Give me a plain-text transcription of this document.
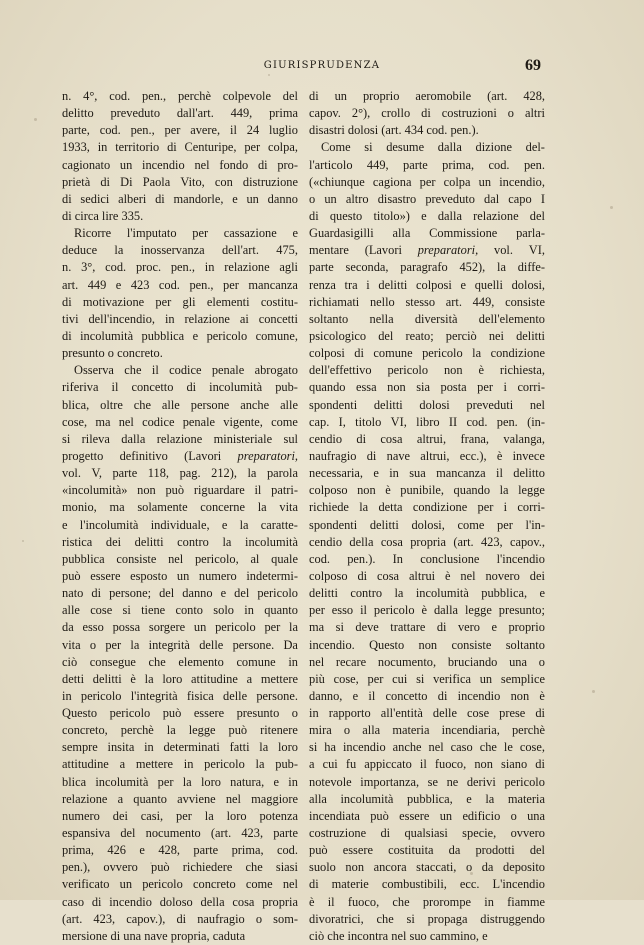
GIURISPRUDENZA	69
n. 4°, cod. pen., perchè colpevole del
delitto preveduto dall'art. 449, prima
parte, cod. pen., per avere, il 24 luglio
1933, in territorio di Centuripe, per colpa,
cagionato un incendio nel fondo di pro-
prietà di Di Paola Vito, con distruzione
di sedici alberi di mandorle, e un danno
di circa lire 335.
Ricorre l'imputato per cassazione e
deduce la inosservanza dell'art. 475,
n. 3°, cod. proc. pen., in relazione agli
art. 449 e 423 cod. pen., per mancanza
di motivazione per gli elementi costitu-
tivi dell'incendio, in relazione ai concetti
di incolumità pubblica e pericolo comune,
presunto o concreto.
Osserva che il codice penale abrogato
riferiva il concetto di incolumità pub-
blica, oltre che alle persone anche alle
cose, ma nel codice penale vigente, come
si rileva dalla relazione ministeriale sul
progetto definitivo (Lavori preparatori,
vol. V, parte 118, pag. 212), la parola
«incolumità» non può riguardare il patri-
monio, ma solamente concerne la vita
e l'incolumità individuale, e la caratte-
ristica dei delitti contro la incolumità
pubblica consiste nel pericolo, al quale
può essere esposto un numero indetermi-
nato di persone; del danno e del pericolo
alle cose si tiene conto solo in quanto
da esso possa sorgere un pericolo per la
vita o per la integrità delle persone. Da
ciò consegue che elemento comune in
detti delitti è la loro attitudine a mettere
in pericolo l'integrità fisica delle persone.
Questo pericolo può essere presunto o
concreto, perchè la legge può ritenere
sempre insita in determinati fatti la loro
attitudine a mettere in pericolo la pub-
blica incolumità per la loro natura, e in
relazione a quanto avviene nel maggiore
numero dei casi, per la loro potenza
espansiva del nocumento (art. 423, parte
prima, 426 e 428, parte prima, cod.
pen.), ovvero può richiedere che siasi
verificato un pericolo concreto come nel
caso di incendio doloso della cosa propria
(art. 423, capov.), di naufragio o som-
mersione di una nave propria, caduta
di un proprio aeromobile (art. 428,
capov. 2°), crollo di costruzioni o altri
disastri dolosi (art. 434 cod. pen.).
Come si desume dalla dizione del-
l'articolo 449, parte prima, cod. pen.
(«chiunque cagiona per colpa un incendio,
o un altro disastro preveduto dal capo I
di questo titolo») e dalla relazione del
Guardasigilli alla Commissione parla-
mentare (Lavori preparatori, vol. VI,
parte seconda, paragrafo 452), la diffe-
renza tra i delitti colposi e quelli dolosi,
richiamati nello stesso art. 449, consiste
soltanto nella diversità dell'elemento
psicologico del reato; perciò nei delitti
colposi di comune pericolo la condizione
dell'effettivo pericolo non è richiesta,
quando essa non sia posta per i corri-
spondenti delitti dolosi preveduti nel
cap. I, titolo VI, libro II cod. pen. (in-
cendio di cosa altrui, frana, valanga,
naufragio di nave altrui, ecc.), è invece
necessaria, e in sua mancanza il delitto
colposo non è punibile, quando la legge
richiede la detta condizione per i corri-
spondenti delitti dolosi, come per l'in-
cendio della cosa propria (art. 423, capov.,
cod. pen.). In conclusione l'incendio
colposo di cosa altrui è nel novero dei
delitti contro la incolumità pubblica, e
per esso il pericolo è dalla legge presunto;
ma si deve trattare di vero e proprio
incendio. Questo non consiste soltanto
nel recare nocumento, bruciando una o
più cose, per cui si verifica un semplice
danno, e il concetto di incendio non è
in rapporto all'entità delle cose prese di
mira o alla materia incendiaria, perchè
si ha incendio anche nel caso che le cose,
a cui fu appiccato il fuoco, non siano di
notevole importanza, se ne derivi pericolo
alla incolumità pubblica, e la materia
incendiata può essere un edificio o una
costruzione di qualsiasi specie, ovvero
può essere costituita da prodotti del
suolo non ancora staccati, o da deposito
di materie combustibili, ecc. L'incendio
è il fuoco, che prorompe in fiamme
divoratrici, che si propaga distruggendo
ciò che incontra nel suo cammino, e
